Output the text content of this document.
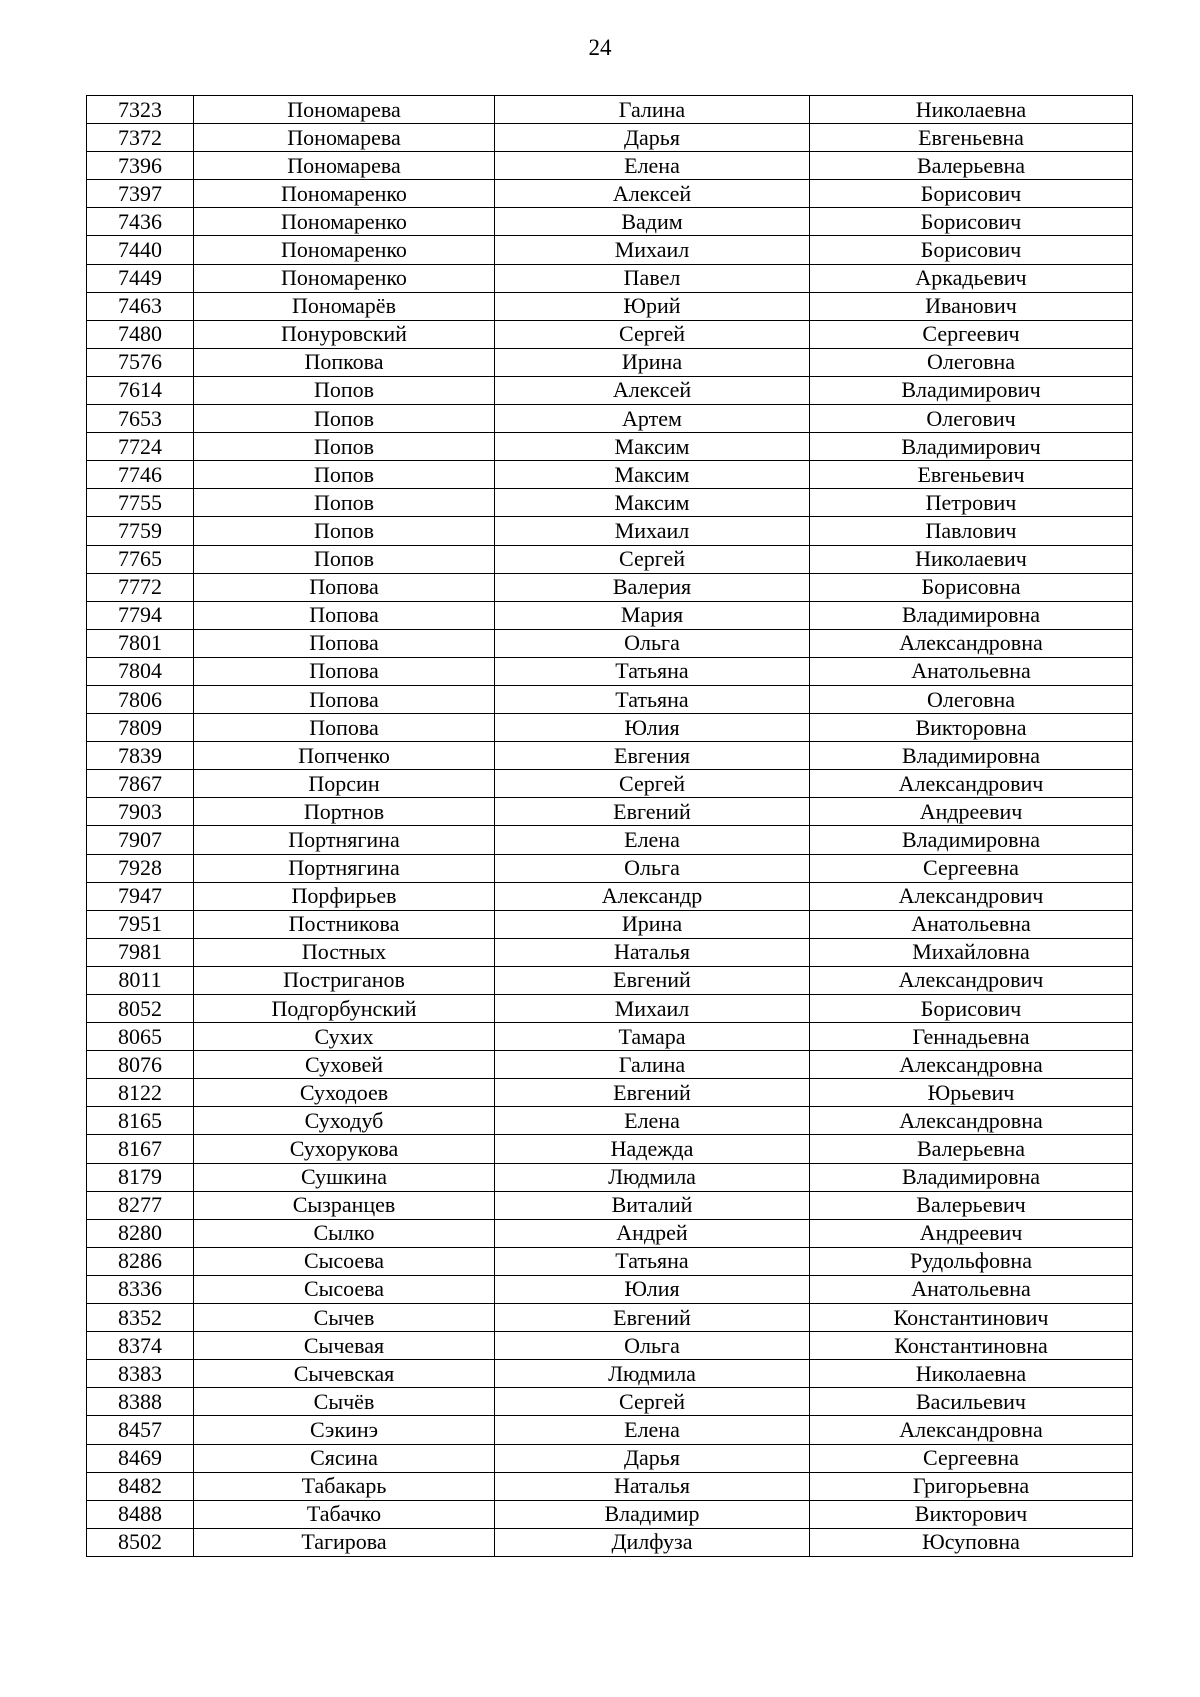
24
7323	Пономарева	Галина	Николаевна
7372	Пономарева	Дарья	Евгеньевна
7396	Пономарева	Елена	Валерьевна
7397	Пономаренко	Алексей	Борисович
7436	Пономаренко	Вадим	Борисович
7440	Пономаренко	Михаил	Борисович
7449	Пономаренко	Павел	Аркадьевич
7463	Пономарёв	Юрий	Иванович
7480	Понуровский	Сергей	Сергеевич
7576	Попкова	Ирина	Олеговна
7614	Попов	Алексей	Владимирович
7653	Попов	Артем	Олегович
7724	Попов	Максим	Владимирович
7746	Попов	Максим	Евгеньевич
7755	Попов	Максим	Петрович
7759	Попов	Михаил	Павлович
7765	Попов	Сергей	Николаевич
7772	Попова	Валерия	Борисовна
7794	Попова	Мария	Владимировна
7801	Попова	Ольга	Александровна
7804	Попова	Татьяна	Анатольевна
7806	Попова	Татьяна	Олеговна
7809	Попова	Юлия	Викторовна
7839	Попченко	Евгения	Владимировна
7867	Порсин	Сергей	Александрович
7903	Портнов	Евгений	Андреевич
7907	Портнягина	Елена	Владимировна
7928	Портнягина	Ольга	Сергеевна
7947	Порфирьев	Александр	Александрович
7951	Постникова	Ирина	Анатольевна
7981	Постных	Наталья	Михайловна
8011	Постриганов	Евгений	Александрович
8052	Подгорбунский	Михаил	Борисович
8065	Сухих	Тамара	Геннадьевна
8076	Суховей	Галина	Александровна
8122	Суходоев	Евгений	Юрьевич
8165	Суходуб	Елена	Александровна
8167	Сухорукова	Надежда	Валерьевна
8179	Сушкина	Людмила	Владимировна
8277	Сызранцев	Виталий	Валерьевич
8280	Сылко	Андрей	Андреевич
8286	Сысоева	Татьяна	Рудольфовна
8336	Сысоева	Юлия	Анатольевна
8352	Сычев	Евгений	Константинович
8374	Сычевая	Ольга	Константиновна
8383	Сычевская	Людмила	Николаевна
8388	Сычёв	Сергей	Васильевич
8457	Сэкинэ	Елена	Александровна
8469	Сясина	Дарья	Сергеевна
8482	Табакарь	Наталья	Григорьевна
8488	Табачко	Владимир	Викторович
8502	Тагирова	Дилфуза	Юсуповна
